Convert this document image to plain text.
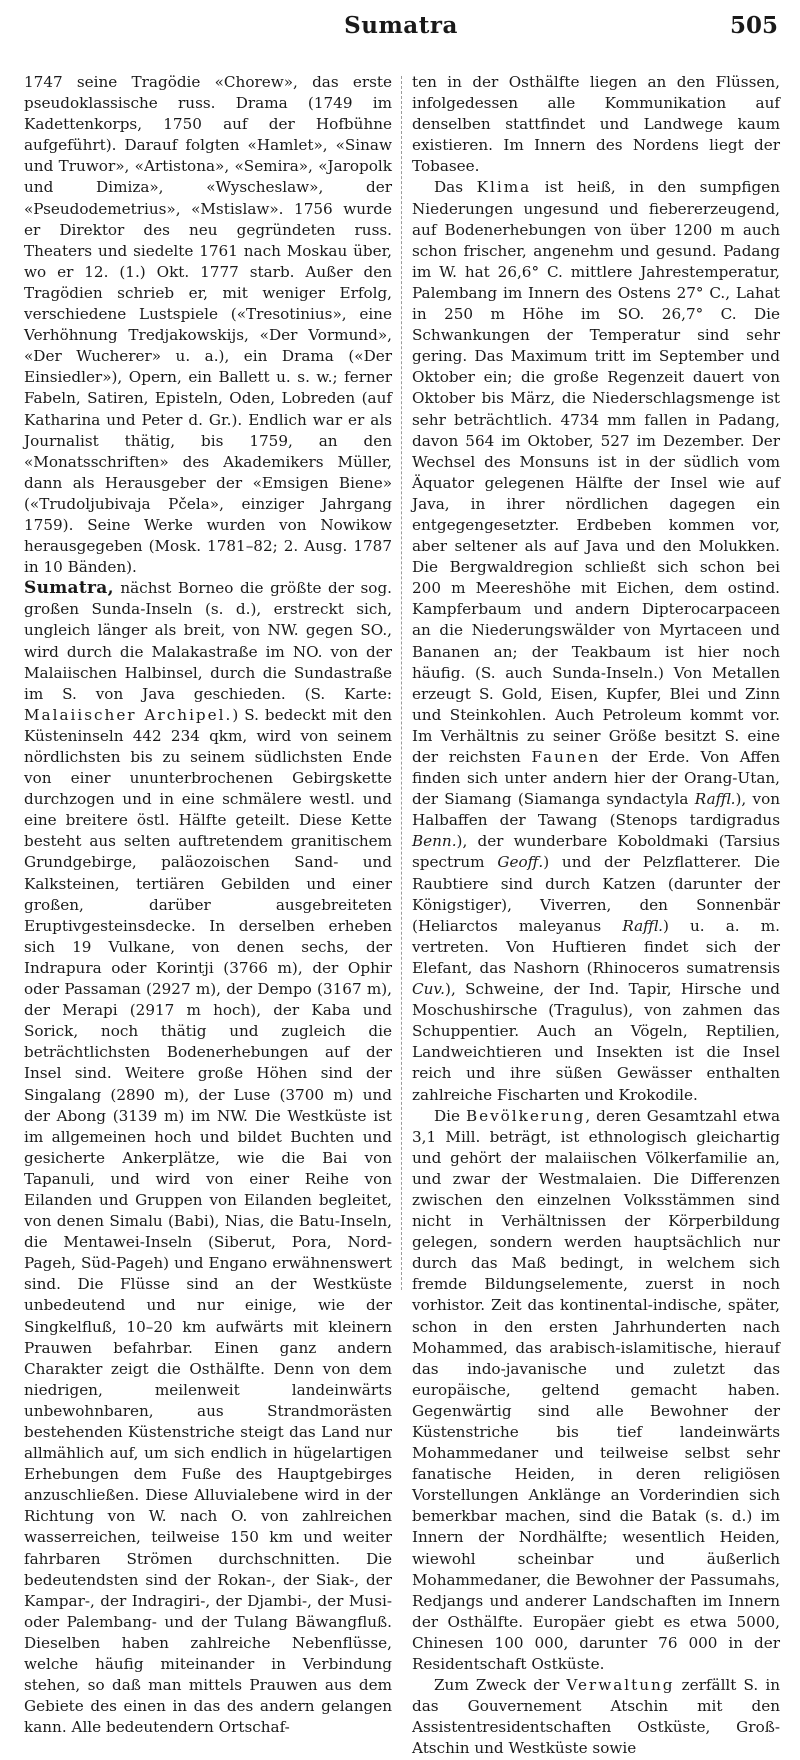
Sumatra	505

1747 seine Tragödie «Chorew», das erste pseudoklassische russ. Drama (1749 im Kadettenkorps, 1750 auf der Hofbühne aufgeführt). Darauf folgten «Hamlet», «Sinaw und Truwor», «Artistona», «Semira», «Jaropolk und Dimiza», «Wyscheslaw», der «Pseudodemetrius», «Mstislaw». 1756 wurde er Direktor des neu gegründeten russ. Theaters und siedelte 1761 nach Moskau über, wo er 12. (1.) Okt. 1777 starb. Außer den Tragödien schrieb er, mit weniger Erfolg, verschiedene Lustspiele («Tresotinius», eine Verhöhnung Tredjakowskijs, «Der Vormund», «Der Wucherer» u. a.), ein Drama («Der Einsiedler»), Opern, ein Ballett u. s. w.; ferner Fabeln, Satiren, Episteln, Oden, Lobreden (auf Katharina und Peter d. Gr.). Endlich war er als Journalist thätig, bis 1759, an den «Monatsschriften» des Akademikers Müller, dann als Herausgeber der «Emsigen Biene» («Trudoljubivaja Pčela», einziger Jahrgang 1759). Seine Werke wurden von Nowikow herausgegeben (Mosk. 1781–82; 2. Ausg. 1787 in 10 Bänden).

Sumatra, nächst Borneo die größte der sog. großen Sunda-Inseln (s. d.), erstreckt sich, ungleich länger als breit, von NW. gegen SO., wird durch die Malakastraße im NO. von der Malaiischen Halbinsel, durch die Sundastraße im S. von Java geschieden. (S. Karte: Malaiischer Archipel.) S. bedeckt mit den Küsteninseln 442 234 qkm, wird von seinem nördlichsten bis zu seinem südlichsten Ende von einer ununterbrochenen Gebirgskette durchzogen und in eine schmälere westl. und eine breitere östl. Hälfte geteilt. Diese Kette besteht aus selten auftretendem granitischem Grundgebirge, paläozoischen Sand- und Kalksteinen, tertiären Gebilden und einer großen, darüber ausgebreiteten Eruptivgesteinsdecke. In derselben erheben sich 19 Vulkane, von denen sechs, der Indrapura oder Korintji (3766 m), der Ophir oder Passaman (2927 m), der Dempo (3167 m), der Merapi (2917 m hoch), der Kaba und Sorick, noch thätig und zugleich die beträchtlichsten Bodenerhebungen auf der Insel sind. Weitere große Höhen sind der Singalang (2890 m), der Luse (3700 m) und der Abong (3139 m) im NW. Die Westküste ist im allgemeinen hoch und bildet Buchten und gesicherte Ankerplätze, wie die Bai von Tapanuli, und wird von einer Reihe von Eilanden und Gruppen von Eilanden begleitet, von denen Simalu (Babi), Nias, die Batu-Inseln, die Mentawei-Inseln (Siberut, Pora, Nord-Pageh, Süd-Pageh) und Engano erwähnenswert sind. Die Flüsse sind an der Westküste unbedeutend und nur einige, wie der Singkelfluß, 10–20 km aufwärts mit kleinern Prauwen befahrbar. Einen ganz andern Charakter zeigt die Osthälfte. Denn von dem niedrigen, meilenweit landeinwärts unbewohnbaren, aus Strandmorästen bestehenden Küstenstriche steigt das Land nur allmählich auf, um sich endlich in hügelartigen Erhebungen dem Fuße des Hauptgebirges anzuschließen. Diese Alluvialebene wird in der Richtung von W. nach O. von zahlreichen wasserreichen, teilweise 150 km und weiter fahrbaren Strömen durchschnitten. Die bedeutendsten sind der Rokan-, der Siak-, der Kampar-, der Indragiri-, der Djambi-, der Musi- oder Palembang- und der Tulang Bäwangfluß. Dieselben haben zahlreiche Nebenflüsse, welche häufig miteinander in Verbindung stehen, so daß man mittels Prauwen aus dem Gebiete des einen in das des andern gelangen kann. Alle bedeutendern Ortschaf-

ten in der Osthälfte liegen an den Flüssen, infolgedessen alle Kommunikation auf denselben stattfindet und Landwege kaum existieren. Im Innern des Nordens liegt der Tobasee.

Das Klima ist heiß, in den sumpfigen Niederungen ungesund und fiebererzeugend, auf Bodenerhebungen von über 1200 m auch schon frischer, angenehm und gesund. Padang im W. hat 26,6° C. mittlere Jahrestemperatur, Palembang im Innern des Ostens 27° C., Lahat in 250 m Höhe im SO. 26,7° C. Die Schwankungen der Temperatur sind sehr gering. Das Maximum tritt im September und Oktober ein; die große Regenzeit dauert von Oktober bis März, die Niederschlagsmenge ist sehr beträchtlich. 4734 mm fallen in Padang, davon 564 im Oktober, 527 im Dezember. Der Wechsel des Monsuns ist in der südlich vom Äquator gelegenen Hälfte der Insel wie auf Java, in ihrer nördlichen dagegen ein entgegengesetzter. Erdbeben kommen vor, aber seltener als auf Java und den Molukken. Die Bergwaldregion schließt sich schon bei 200 m Meereshöhe mit Eichen, dem ostind. Kampferbaum und andern Dipterocarpaceen an die Niederungswälder von Myrtaceen und Bananen an; der Teakbaum ist hier noch häufig. (S. auch Sunda-Inseln.) Von Metallen erzeugt S. Gold, Eisen, Kupfer, Blei und Zinn und Steinkohlen. Auch Petroleum kommt vor. Im Verhältnis zu seiner Größe besitzt S. eine der reichsten Faunen der Erde. Von Affen finden sich unter andern hier der Orang-Utan, der Siamang (Siamanga syndactyla Raffl.), von Halbaffen der Tawang (Stenops tardigradus Benn.), der wunderbare Koboldmaki (Tarsius spectrum Geoff.) und der Pelzflatterer. Die Raubtiere sind durch Katzen (darunter der Königstiger), Viverren, den Sonnenbär (Heliarctos maleyanus Raffl.) u. a. m. vertreten. Von Huftieren findet sich der Elefant, das Nashorn (Rhinoceros sumatrensis Cuv.), Schweine, der Ind. Tapir, Hirsche und Moschushirsche (Tragulus), von zahmen das Schuppentier. Auch an Vögeln, Reptilien, Landweichtieren und Insekten ist die Insel reich und ihre süßen Gewässer enthalten zahlreiche Fischarten und Krokodile.

Die Bevölkerung, deren Gesamtzahl etwa 3,1 Mill. beträgt, ist ethnologisch gleichartig und gehört der malaiischen Völkerfamilie an, und zwar der Westmalaien. Die Differenzen zwischen den einzelnen Volksstämmen sind nicht in Verhältnissen der Körperbildung gelegen, sondern werden hauptsächlich nur durch das Maß bedingt, in welchem sich fremde Bildungselemente, zuerst in noch vorhistor. Zeit das kontinental-indische, später, schon in den ersten Jahrhunderten nach Mohammed, das arabisch-islamitische, hierauf das indo-javanische und zuletzt das europäische, geltend gemacht haben. Gegenwärtig sind alle Bewohner der Küstenstriche bis tief landeinwärts Mohammedaner und teilweise selbst sehr fanatische Heiden, in deren religiösen Vorstellungen Anklänge an Vorderindien sich bemerkbar machen, sind die Batak (s. d.) im Innern der Nordhälfte; wesentlich Heiden, wiewohl scheinbar und äußerlich Mohammedaner, die Bewohner der Passumahs, Redjangs und anderer Landschaften im Innern der Osthälfte. Europäer giebt es etwa 5000, Chinesen 100 000, darunter 76 000 in der Residentschaft Ostküste.

Zum Zweck der Verwaltung zerfällt S. in das Gouvernement Atschin mit den Assistentresidentschaften Ostküste, Groß-Atschin und Westküste sowie
